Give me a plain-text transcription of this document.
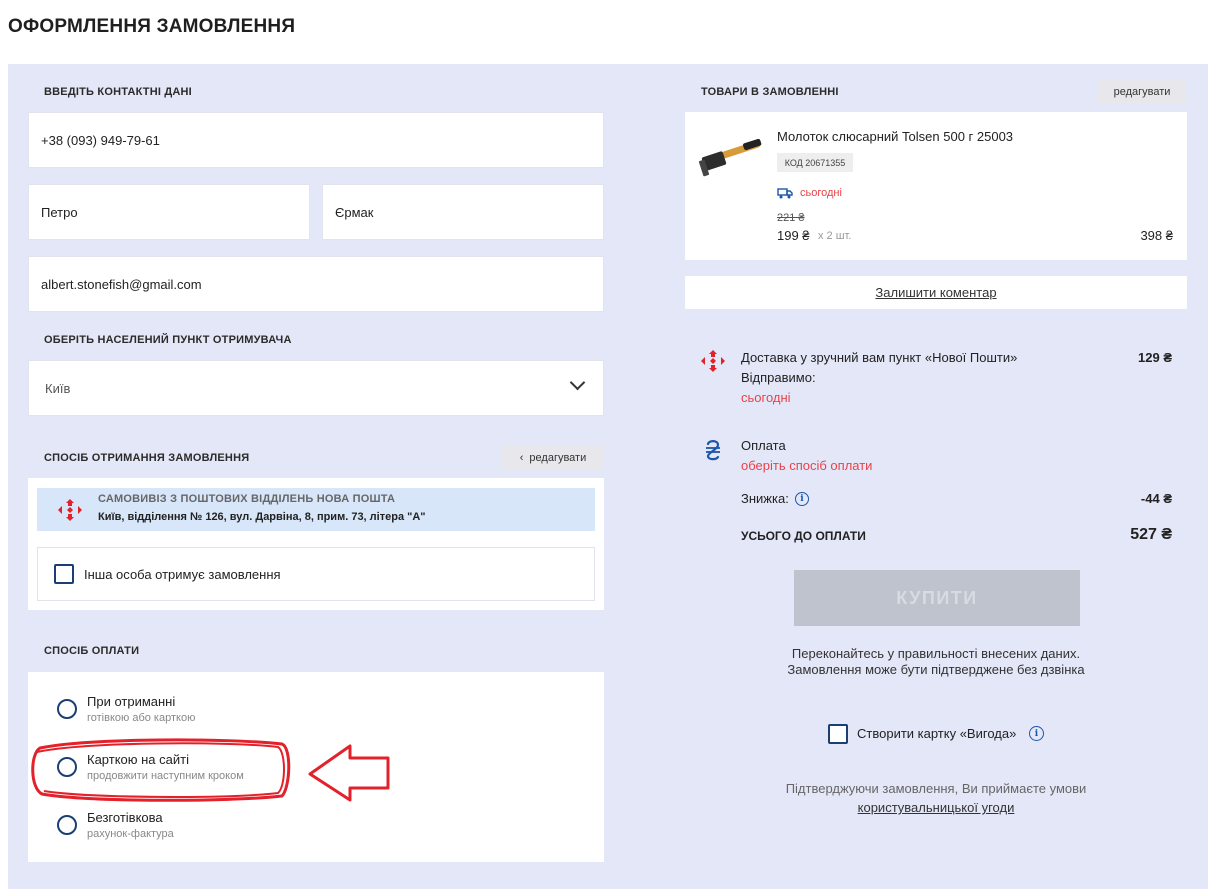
ОФОРМЛЕННЯ ЗАМОВЛЕННЯ
ВВЕДІТЬ КОНТАКТНІ ДАНІ
+38 (093) 949-79-61
Петро	Єрмак
albert.stonefish@gmail.com
ОБЕРІТЬ НАСЕЛЕНИЙ ПУНКТ ОТРИМУВАЧА
Київ
СПОСІБ ОТРИМАННЯ ЗАМОВЛЕННЯ	‹ редагувати
САМОВИВІЗ З ПОШТОВИХ ВІДДІЛЕНЬ НОВА ПОШТА
Київ, відділення № 126, вул. Дарвіна, 8, прим. 73, літера "А"
Інша особа отримує замовлення
СПОСІБ ОПЛАТИ
При отриманні
готівкою або карткою
Карткою на сайті
продовжити наступним кроком
Безготівкова
рахунок-фактура
ТОВАРИ В ЗАМОВЛЕННІ	редагувати
Молоток слюсарний Tolsen 500 г 25003
КОД 20671355
сьогодні
221 ₴
199 ₴ х 2 шт.	398 ₴
Залишити коментар
Доставка у зручний вам пункт «Нової Пошти»	129 ₴
Відправимо:
сьогодні
Оплата
оберіть спосіб оплати
Знижка:	i	-44 ₴
УСЬОГО ДО ОПЛАТИ	527 ₴
КУПИТИ
Переконайтесь у правильності внесених даних.
Замовлення може бути підтверджене без дзвінка
Створити картку «Вигода»	i
Підтверджуючи замовлення, Ви приймаєте умови
користувальницької угоди
